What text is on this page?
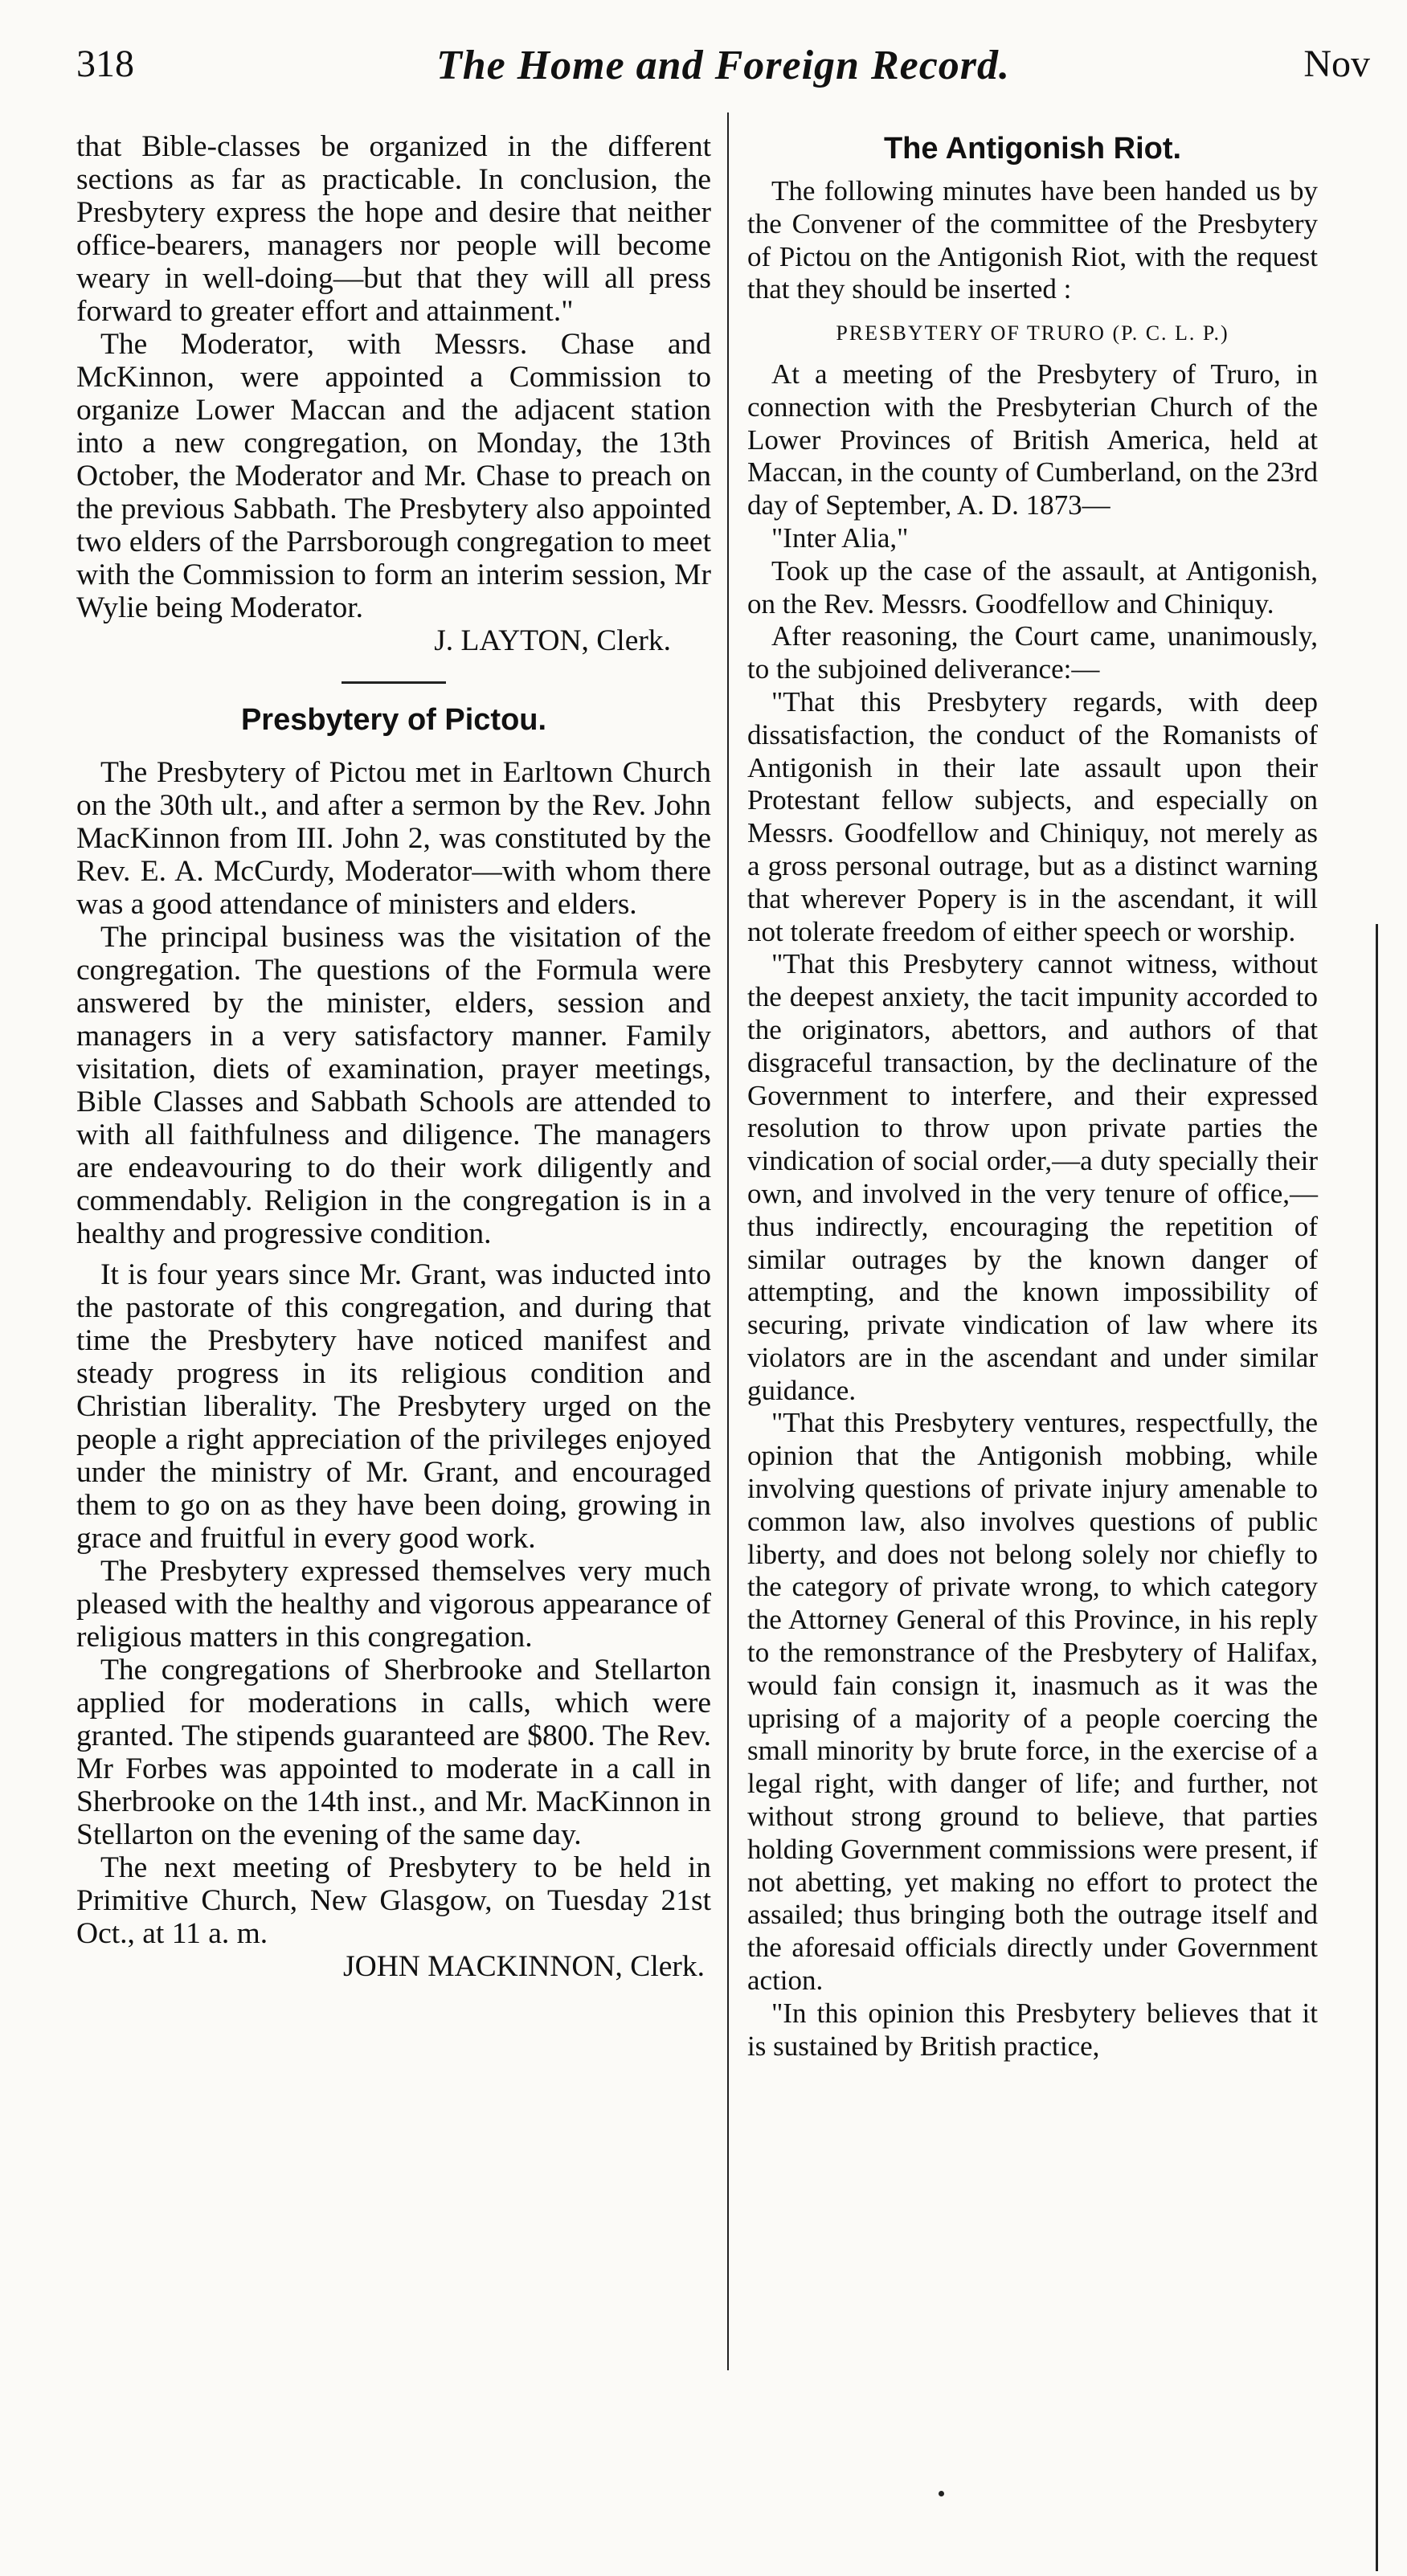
318	The Home and Foreign Record.	Nov

that Bible-classes be organized in the different sections as far as practicable. In conclusion, the Presbytery express the hope and desire that neither office-bearers, managers nor people will become weary in well-doing—but that they will all press forward to greater effort and attainment."

The Moderator, with Messrs. Chase and McKinnon, were appointed a Commission to organize Lower Maccan and the adjacent station into a new congregation, on Monday, the 13th October, the Moderator and Mr. Chase to preach on the previous Sabbath. The Presbytery also appointed two elders of the Parrsborough congregation to meet with the Commission to form an interim session, Mr Wylie being Moderator.

J. LAYTON, Clerk.

Presbytery of Pictou.

The Presbytery of Pictou met in Earltown Church on the 30th ult., and after a sermon by the Rev. John MacKinnon from III. John 2, was constituted by the Rev. E. A. McCurdy, Moderator—with whom there was a good attendance of ministers and elders.

The principal business was the visitation of the congregation. The questions of the Formula were answered by the minister, elders, session and managers in a very satisfactory manner. Family visitation, diets of examination, prayer meetings, Bible Classes and Sabbath Schools are attended to with all faithfulness and diligence. The managers are endeavouring to do their work diligently and commendably. Religion in the congregation is in a healthy and progressive condition.

It is four years since Mr. Grant, was inducted into the pastorate of this congregation, and during that time the Presbytery have noticed manifest and steady progress in its religious condition and Christian liberality. The Presbytery urged on the people a right appreciation of the privileges enjoyed under the ministry of Mr. Grant, and encouraged them to go on as they have been doing, growing in grace and fruitful in every good work.

The Presbytery expressed themselves very much pleased with the healthy and vigorous appearance of religious matters in this congregation.

The congregations of Sherbrooke and Stellarton applied for moderations in calls, which were granted. The stipends guaranteed are $800. The Rev. Mr Forbes was appointed to moderate in a call in Sherbrooke on the 14th inst., and Mr. MacKinnon in Stellarton on the evening of the same day.

The next meeting of Presbytery to be held in Primitive Church, New Glasgow, on Tuesday 21st Oct., at 11 a. m.

JOHN MACKINNON, Clerk.

The Antigonish Riot.

The following minutes have been handed us by the Convener of the committee of the Presbytery of Pictou on the Antigonish Riot, with the request that they should be inserted :

PRESBYTERY OF TRURO (P. C. L. P.)

At a meeting of the Presbytery of Truro, in connection with the Presbyterian Church of the Lower Provinces of British America, held at Maccan, in the county of Cumberland, on the 23rd day of September, A. D. 1873—

"Inter Alia,"

Took up the case of the assault, at Antigonish, on the Rev. Messrs. Goodfellow and Chiniquy.

After reasoning, the Court came, unanimously, to the subjoined deliverance:—

"That this Presbytery regards, with deep dissatisfaction, the conduct of the Romanists of Antigonish in their late assault upon their Protestant fellow subjects, and especially on Messrs. Goodfellow and Chiniquy, not merely as a gross personal outrage, but as a distinct warning that wherever Popery is in the ascendant, it will not tolerate freedom of either speech or worship.

"That this Presbytery cannot witness, without the deepest anxiety, the tacit impunity accorded to the originators, abettors, and authors of that disgraceful transaction, by the declinature of the Government to interfere, and their expressed resolution to throw upon private parties the vindication of social order,—a duty specially their own, and involved in the very tenure of office,—thus indirectly, encouraging the repetition of similar outrages by the known danger of attempting, and the known impossibility of securing, private vindication of law where its violators are in the ascendant and under similar guidance.

"That this Presbytery ventures, respectfully, the opinion that the Antigonish mobbing, while involving questions of private injury amenable to common law, also involves questions of public liberty, and does not belong solely nor chiefly to the category of private wrong, to which category the Attorney General of this Province, in his reply to the remonstrance of the Presbytery of Halifax, would fain consign it, inasmuch as it was the uprising of a majority of a people coercing the small minority by brute force, in the exercise of a legal right, with danger of life; and further, not without strong ground to believe, that parties holding Government commissions were present, if not abetting, yet making no effort to protect the assailed; thus bringing both the outrage itself and the aforesaid officials directly under Government action.

"In this opinion this Presbytery believes that it is sustained by British practice,
